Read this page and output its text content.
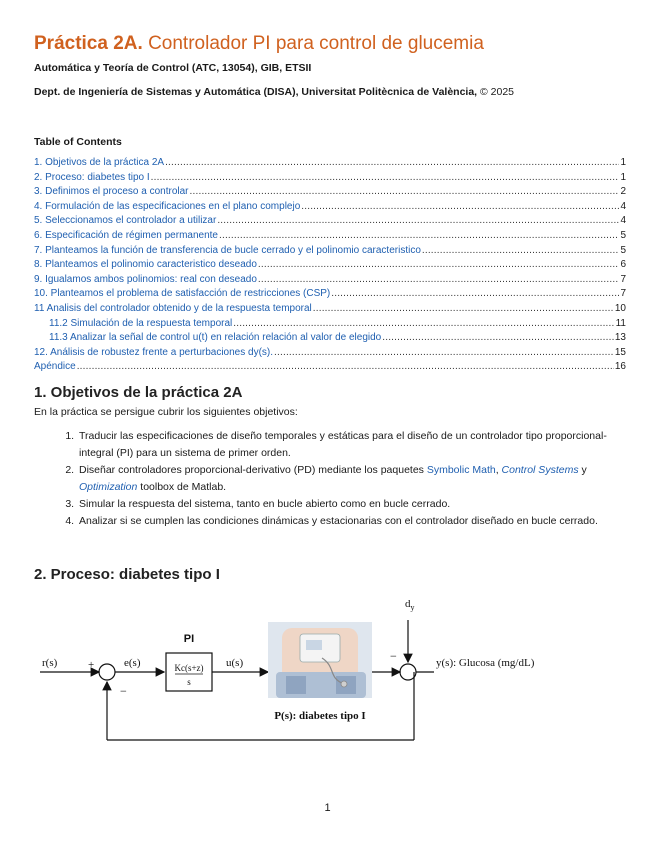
Práctica 2A. Controlador PI para control de glucemia
Automática y Teoría de Control (ATC, 13054), GIB, ETSII
Dept. de Ingeniería de Sistemas y Automática (DISA), Universitat Politècnica de València, © 2025
Table of Contents
1. Objetivos de la práctica 2A .....	1
2. Proceso: diabetes tipo I .....	1
3. Definimos el proceso a controlar .....	2
4. Formulación de las especificaciones en el plano complejo .....	4
5. Seleccionamos el controlador a utilizar .....	4
6. Especificación de régimen permanente .....	5
7. Planteamos la función de transferencia de bucle cerrado y el polinomio caracteristico .....	5
8. Planteamos el polinomio caracteristico deseado .....	6
9. Igualamos ambos polinomios: real con deseado .....	7
10. Planteamos el problema de satisfacción de restricciones (CSP) .....	7
11 Analisis del controlador obtenido y de la respuesta temporal .....	10
11.2 Simulación de la respuesta temporal .....	11
11.3 Analizar la señal de control u(t) en relación relación al valor de elegido .....	13
12. Análisis de robustez frente a perturbaciones dy(s). .....	15
Apéndice .....	16
1. Objetivos de la práctica 2A
En la práctica se persigue cubrir los siguientes objetivos:
1. Traducir las especificaciones de diseño temporales y estáticas para el diseño de un controlador tipo proporcional-integral (PI) para un sistema de primer orden.
2. Diseñar controladores proporcional-derivativo (PD) mediante los paquetes Symbolic Math, Control Systems y Optimization toolbox de Matlab.
3. Simular la respuesta del sistema, tanto en bucle abierto como en bucle cerrado.
4. Analizar si se cumplen las condiciones dinámicas y estacionarias con el controlador diseñado en bucle cerrado.
2. Proceso: diabetes tipo I
r(s)	+
−
e(s)
PI
Kc(s+z)
s
u(s)
P(s): diabetes tipo I
−
$d_y$
y(s): Glucosa (mg/dL)
1
